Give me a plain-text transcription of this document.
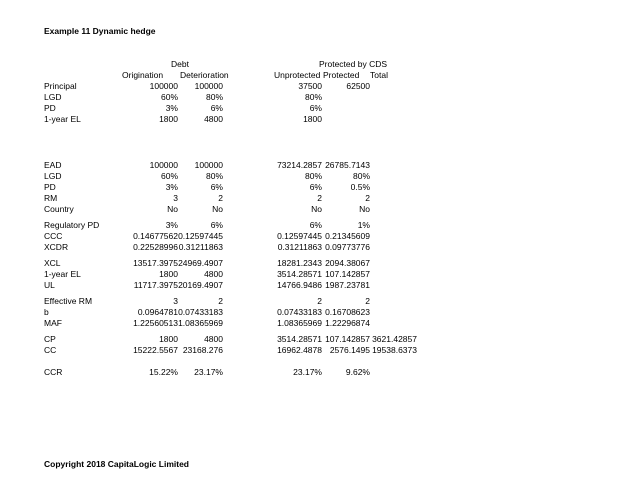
Example 11 Dynamic hedge
Debt	Protected by CDS
Origination Deterioration	Unprotected Protected Total
Principal	100000	100000	37500	62500
LGD	60%	80%	80%
PD	3%	6%	6%
1-year EL	1800	4800	1800
EAD	100000	100000	73214.2857 26785.7143
LGD	60%	80%	80%	80%
PD	3%	6%	6%	0.5%
RM	3	2	2	2
Country	No	No	No	No
Regulatory PD	3%	6%	6%	1%
CCC	0.14677562 0.12597445	0.12597445 0.21345609
XCDR	0.22528996 0.31211863	0.31211863 0.09773776
XCL	13517.3975 24969.4907	18281.2343 2094.38067
1-year EL	1800	4800	3514.28571 107.142857
UL	11717.3975 20169.4907	14766.9486 1987.23781
Effective RM	3	2	2	2
b	0.0964781 0.07433183	0.07433183 0.16708623
MAF	1.22560513 1.08365969	1.08365969 1.22296874
CP	1800	4800	3514.28571 107.142857 3621.42857
CC	15222.5567 23168.276	16962.4878 2576.1495 19538.6373
CCR	15.22%	23.17%	23.17%	9.62%
Copyright 2018 CapitaLogic Limited
